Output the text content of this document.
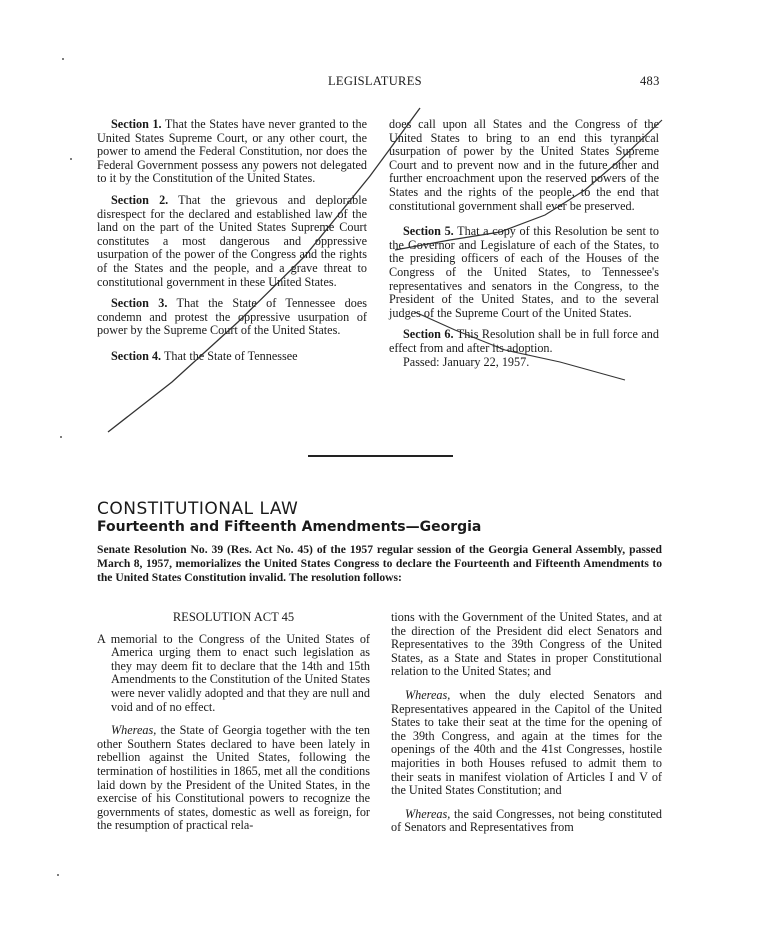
LEGISLATURES	483

Section 1. That the States have never granted to the United States Supreme Court, or any other court, the power to amend the Federal Constitution, nor does the Federal Government possess any powers not delegated to it by the Constitution of the United States.

Section 2. That the grievous and deplorable disrespect for the declared and established law of the land on the part of the United States Supreme Court constitutes a most dangerous and oppressive usurpation of the power of the Congress and the rights of the States and the people, and a grave threat to constitutional government in these United States.

Section 3. That the State of Tennessee does condemn and protest the oppressive usurpation of power by the Supreme Court of the United States.

Section 4. That the State of Tennessee

does call upon all States and the Congress of the United States to bring to an end this tyrannical usurpation of power by the United States Supreme Court and to prevent now and in the future other and further encroachment upon the reserved powers of the States and the rights of the people, to the end that constitutional government shall ever be preserved.

Section 5. That a copy of this Resolution be sent to the Governor and Legislature of each of the States, to the presiding officers of each of the Houses of the Congress of the United States, to Tennessee's representatives and senators in the Congress, to the President of the United States, and to the several judges of the Supreme Court of the United States.

Section 6. This Resolution shall be in full force and effect from and after its adoption.

Passed: January 22, 1957.

CONSTITUTIONAL LAW
Fourteenth and Fifteenth Amendments—Georgia
Senate Resolution No. 39 (Res. Act No. 45) of the 1957 regular session of the Georgia General Assembly, passed March 8, 1957, memorializes the United States Congress to declare the Fourteenth and Fifteenth Amendments to the United States Constitution invalid. The resolution follows:

RESOLUTION ACT 45

A memorial to the Congress of the United States of America urging them to enact such legislation as they may deem fit to declare that the 14th and 15th Amendments to the Constitution of the United States were never validly adopted and that they are null and void and of no effect.

Whereas, the State of Georgia together with the ten other Southern States declared to have been lately in rebellion against the United States, following the termination of hostilities in 1865, met all the conditions laid down by the President of the United States, in the exercise of his Constitutional powers to recognize the governments of states, domestic as well as foreign, for the resumption of practical rela-

tions with the Government of the United States, and at the direction of the President did elect Senators and Representatives to the 39th Congress of the United States, as a State and States in proper Constitutional relation to the United States; and

Whereas, when the duly elected Senators and Representatives appeared in the Capitol of the United States to take their seat at the time for the opening of the 39th Congress, and again at the times for the openings of the 40th and the 41st Congresses, hostile majorities in both Houses refused to admit them to their seats in manifest violation of Articles I and V of the United States Constitution; and

Whereas, the said Congresses, not being constituted of Senators and Representatives from
